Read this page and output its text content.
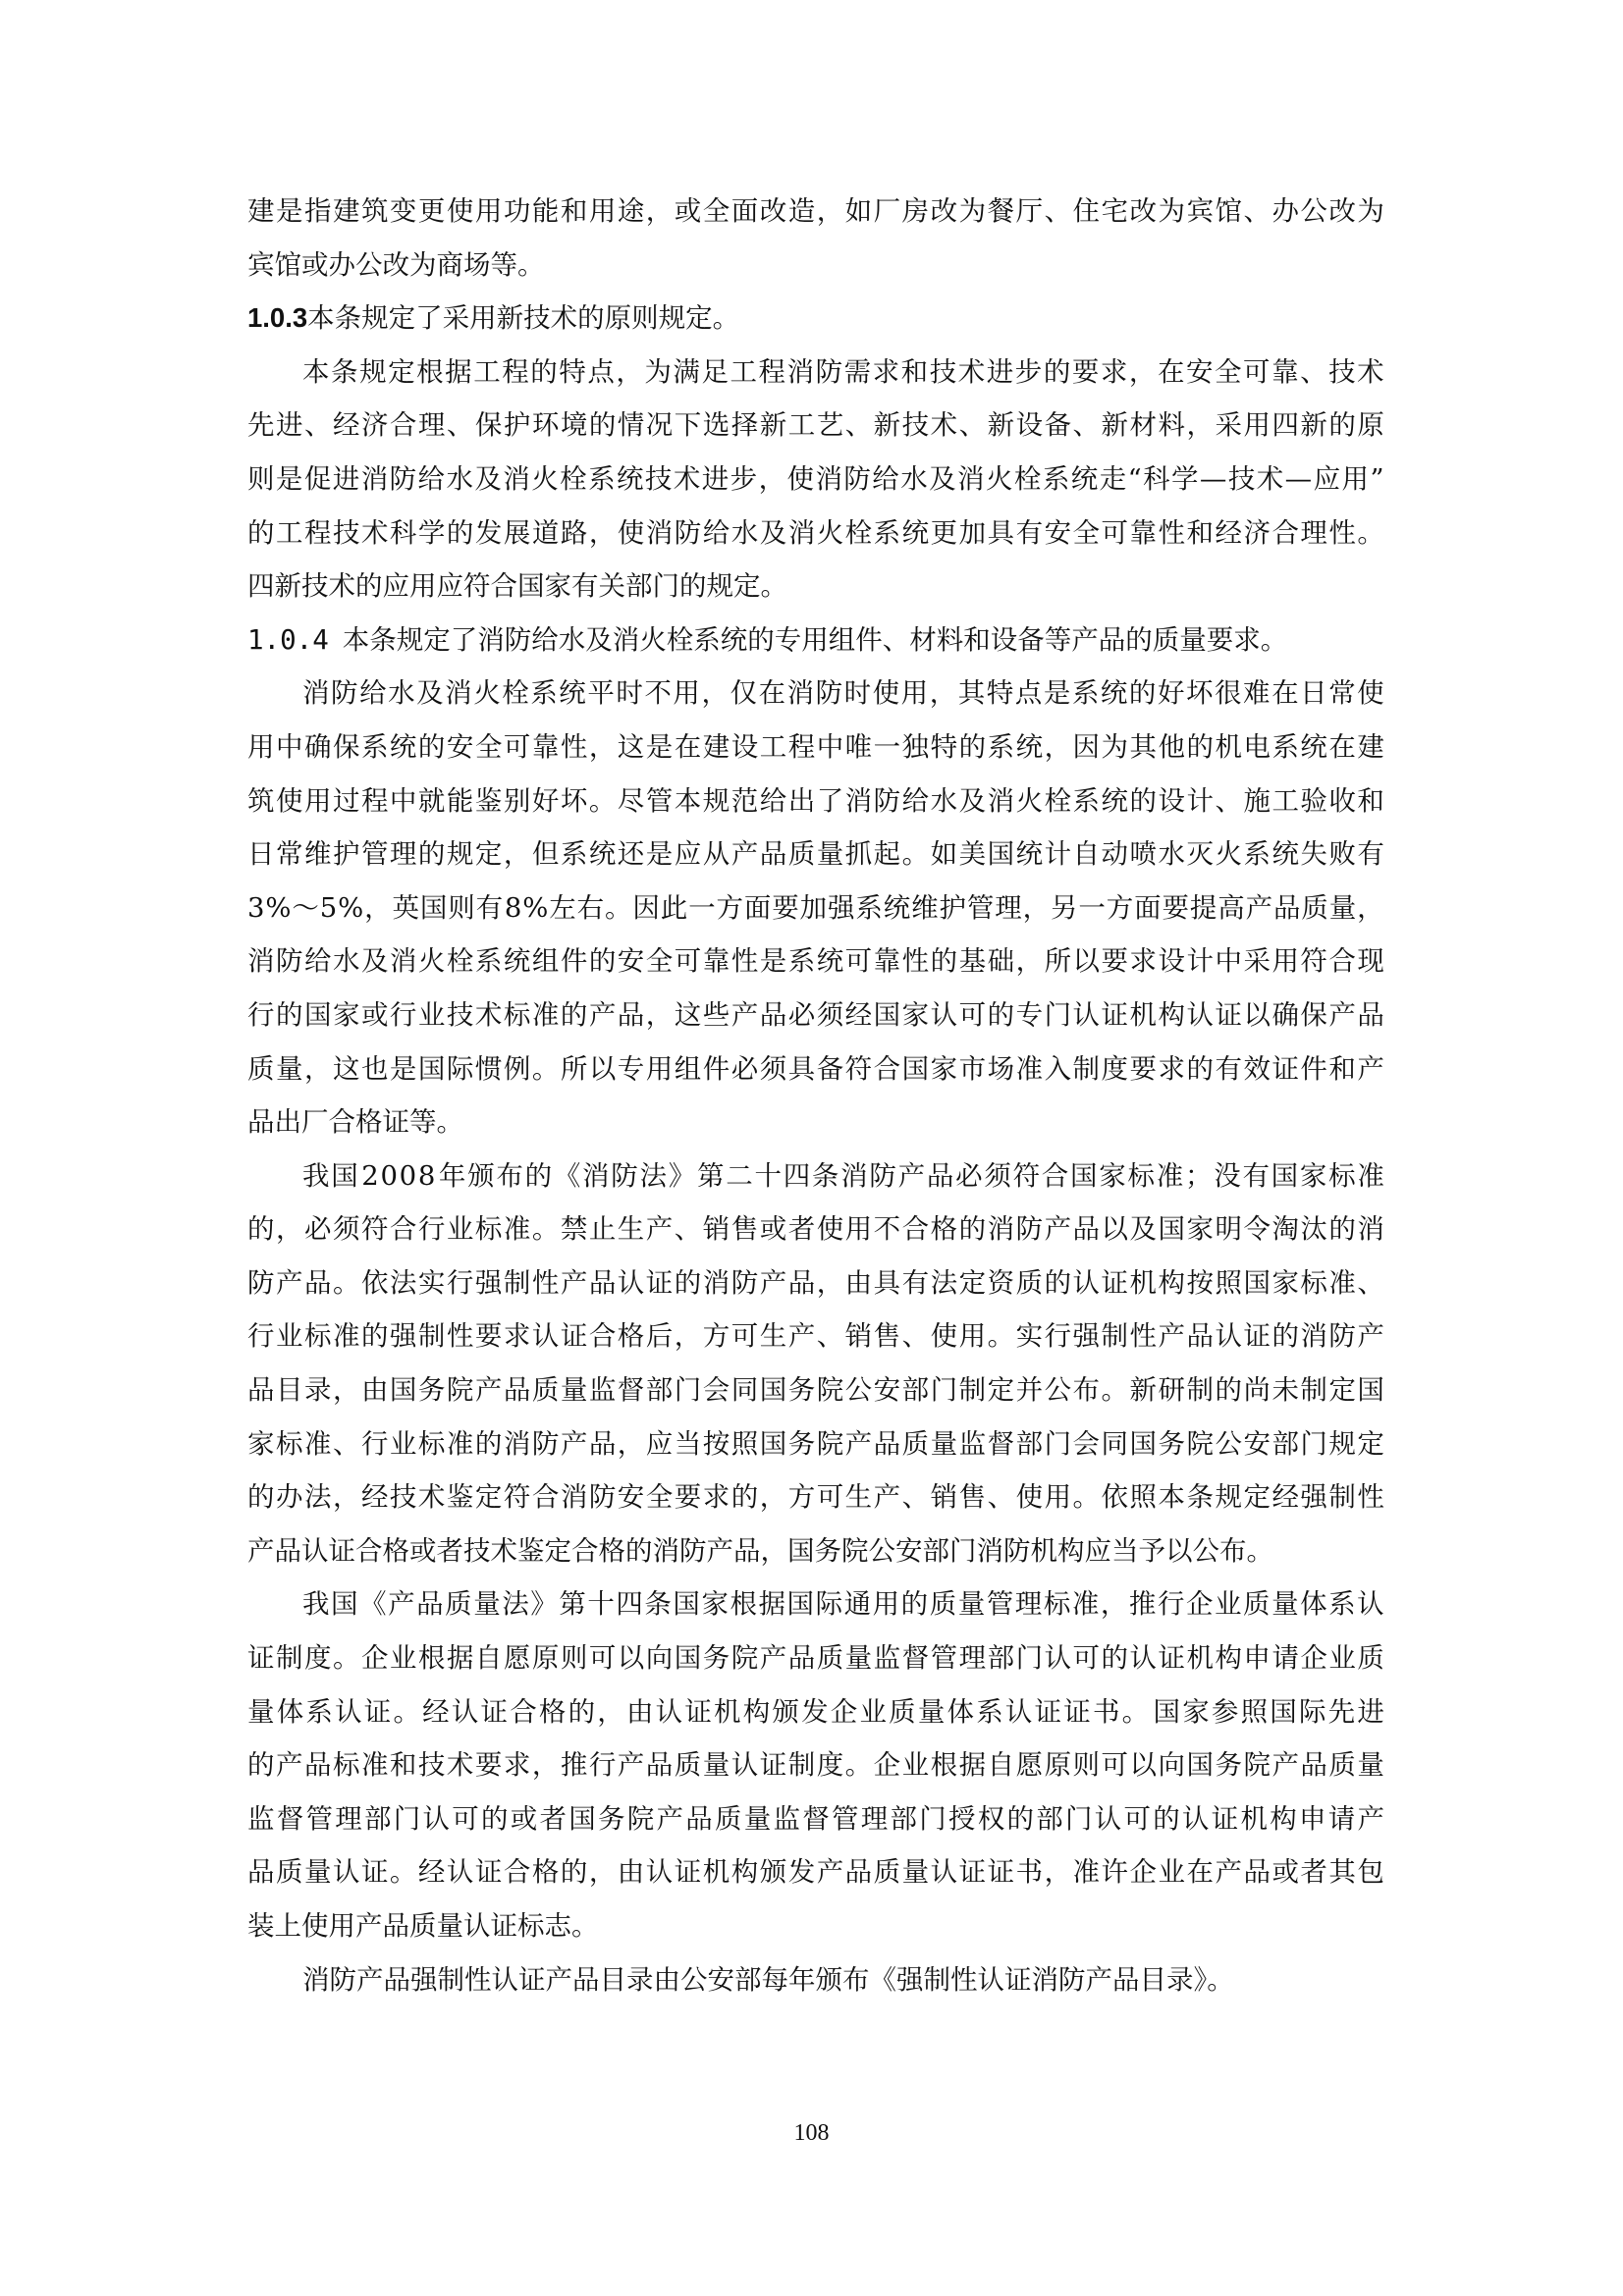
建 是 指 建 筑 变 更 使 用 功 能 和 用 途 ， 或 全 面 改 造 ， 如 厂 房 改 为 餐 厅 、 住 宅 改 为 宾 馆 、 办 公 改 为
宾馆或办公改为商场等。
1.0.3 本条规定了采用新技术的原则规定。
本 条 规 定 根 据 工 程 的 特 点 ， 为 满 足 工 程 消 防 需 求 和 技 术 进 步 的 要 求 ， 在 安 全 可 靠 、 技 术
先 进 、 经 济 合 理 、 保 护 环 境 的 情 况 下 选 择 新 工 艺 、 新 技 术 、 新 设 备 、 新 材 料 ， 采 用 四 新 的 原
则 是 促 进 消 防 给 水 及 消 火 栓 系 统 技 术 进 步 ， 使 消 防 给 水 及 消 火 栓 系 统 走 “ 科 学 — 技 术 — 应 用 ”
的 工 程 技 术 科 学 的 发 展 道 路 ， 使 消 防 给 水 及 消 火 栓 系 统 更 加 具 有 安 全 可 靠 性 和 经 济 合 理 性 。
四新技术的应用应符合国家有关部门的规定。
1.0.4 本条规定了消防给水及消火栓系统的专用组件、材料和设备等产品的质量要求。
消 防 给 水 及 消 火 栓 系 统 平 时 不 用 ， 仅 在 消 防 时 使 用 ， 其 特 点 是 系 统 的 好 坏 很 难 在 日 常 使
用 中 确 保 系 统 的 安 全 可 靠 性 ， 这 是 在 建 设 工 程 中 唯 一 独 特 的 系 统 ， 因 为 其 他 的 机 电 系 统 在 建
筑 使 用 过 程 中 就 能 鉴 别 好 坏 。 尽 管 本 规 范 给 出 了 消 防 给 水 及 消 火 栓 系 统 的 设 计 、 施 工 验 收 和
日 常 维 护 管 理 的 规 定 ， 但 系 统 还 是 应 从 产 品 质 量 抓 起 。 如 美 国 统 计 自 动 喷 水 灭 火 系 统 失 败 有
3 % ～ 5 % ， 英 国 则 有 8 % 左 右 。 因 此 一 方 面 要 加 强 系 统 维 护 管 理 ， 另 一 方 面 要 提 高 产 品 质 量 ，
消 防 给 水 及 消 火 栓 系 统 组 件 的 安 全 可 靠 性 是 系 统 可 靠 性 的 基 础 ， 所 以 要 求 设 计 中 采 用 符 合 现
行 的 国 家 或 行 业 技 术 标 准 的 产 品 ， 这 些 产 品 必 须 经 国 家 认 可 的 专 门 认 证 机 构 认 证 以 确 保 产 品
质 量 ， 这 也 是 国 际 惯 例 。 所 以 专 用 组 件 必 须 具 备 符 合 国 家 市 场 准 入 制 度 要 求 的 有 效 证 件 和 产
品出厂合格证等。
我 国 2 0 0 8 年 颁 布 的 《 消 防 法 》 第 二 十 四 条 消 防 产 品 必 须 符 合 国 家 标 准 ； 没 有 国 家 标 准
的 ， 必 须 符 合 行 业 标 准 。 禁 止 生 产 、 销 售 或 者 使 用 不 合 格 的 消 防 产 品 以 及 国 家 明 令 淘 汰 的 消
防 产 品 。 依 法 实 行 强 制 性 产 品 认 证 的 消 防 产 品 ， 由 具 有 法 定 资 质 的 认 证 机 构 按 照 国 家 标 准 、
行 业 标 准 的 强 制 性 要 求 认 证 合 格 后 ， 方 可 生 产 、 销 售 、 使 用 。 实 行 强 制 性 产 品 认 证 的 消 防 产
品 目 录 ， 由 国 务 院 产 品 质 量 监 督 部 门 会 同 国 务 院 公 安 部 门 制 定 并 公 布 。 新 研 制 的 尚 未 制 定 国
家 标 准 、 行 业 标 准 的 消 防 产 品 ， 应 当 按 照 国 务 院 产 品 质 量 监 督 部 门 会 同 国 务 院 公 安 部 门 规 定
的 办 法 ， 经 技 术 鉴 定 符 合 消 防 安 全 要 求 的 ， 方 可 生 产 、 销 售 、 使 用 。 依 照 本 条 规 定 经 强 制 性
产品认证合格或者技术鉴定合格的消防产品，国务院公安部门消防机构应当予以公布。
我 国 《 产 品 质 量 法 》 第 十 四 条 国 家 根 据 国 际 通 用 的 质 量 管 理 标 准 ， 推 行 企 业 质 量 体 系 认
证 制 度 。 企 业 根 据 自 愿 原 则 可 以 向 国 务 院 产 品 质 量 监 督 管 理 部 门 认 可 的 认 证 机 构 申 请 企 业 质
量 体 系 认 证 。 经 认 证 合 格 的 ， 由 认 证 机 构 颁 发 企 业 质 量 体 系 认 证 证 书 。 国 家 参 照 国 际 先 进
的 产 品 标 准 和 技 术 要 求 ， 推 行 产 品 质 量 认 证 制 度 。 企 业 根 据 自 愿 原 则 可 以 向 国 务 院 产 品 质 量
监 督 管 理 部 门 认 可 的 或 者 国 务 院 产 品 质 量 监 督 管 理 部 门 授 权 的 部 门 认 可 的 认 证 机 构 申 请 产
品 质 量 认 证 。 经 认 证 合 格 的 ， 由 认 证 机 构 颁 发 产 品 质 量 认 证 证 书 ， 准 许 企 业 在 产 品 或 者 其 包
装上使用产品质量认证标志。
消防产品强制性认证产品目录由公安部每年颁布《强制性认证消防产品目录》。
108
